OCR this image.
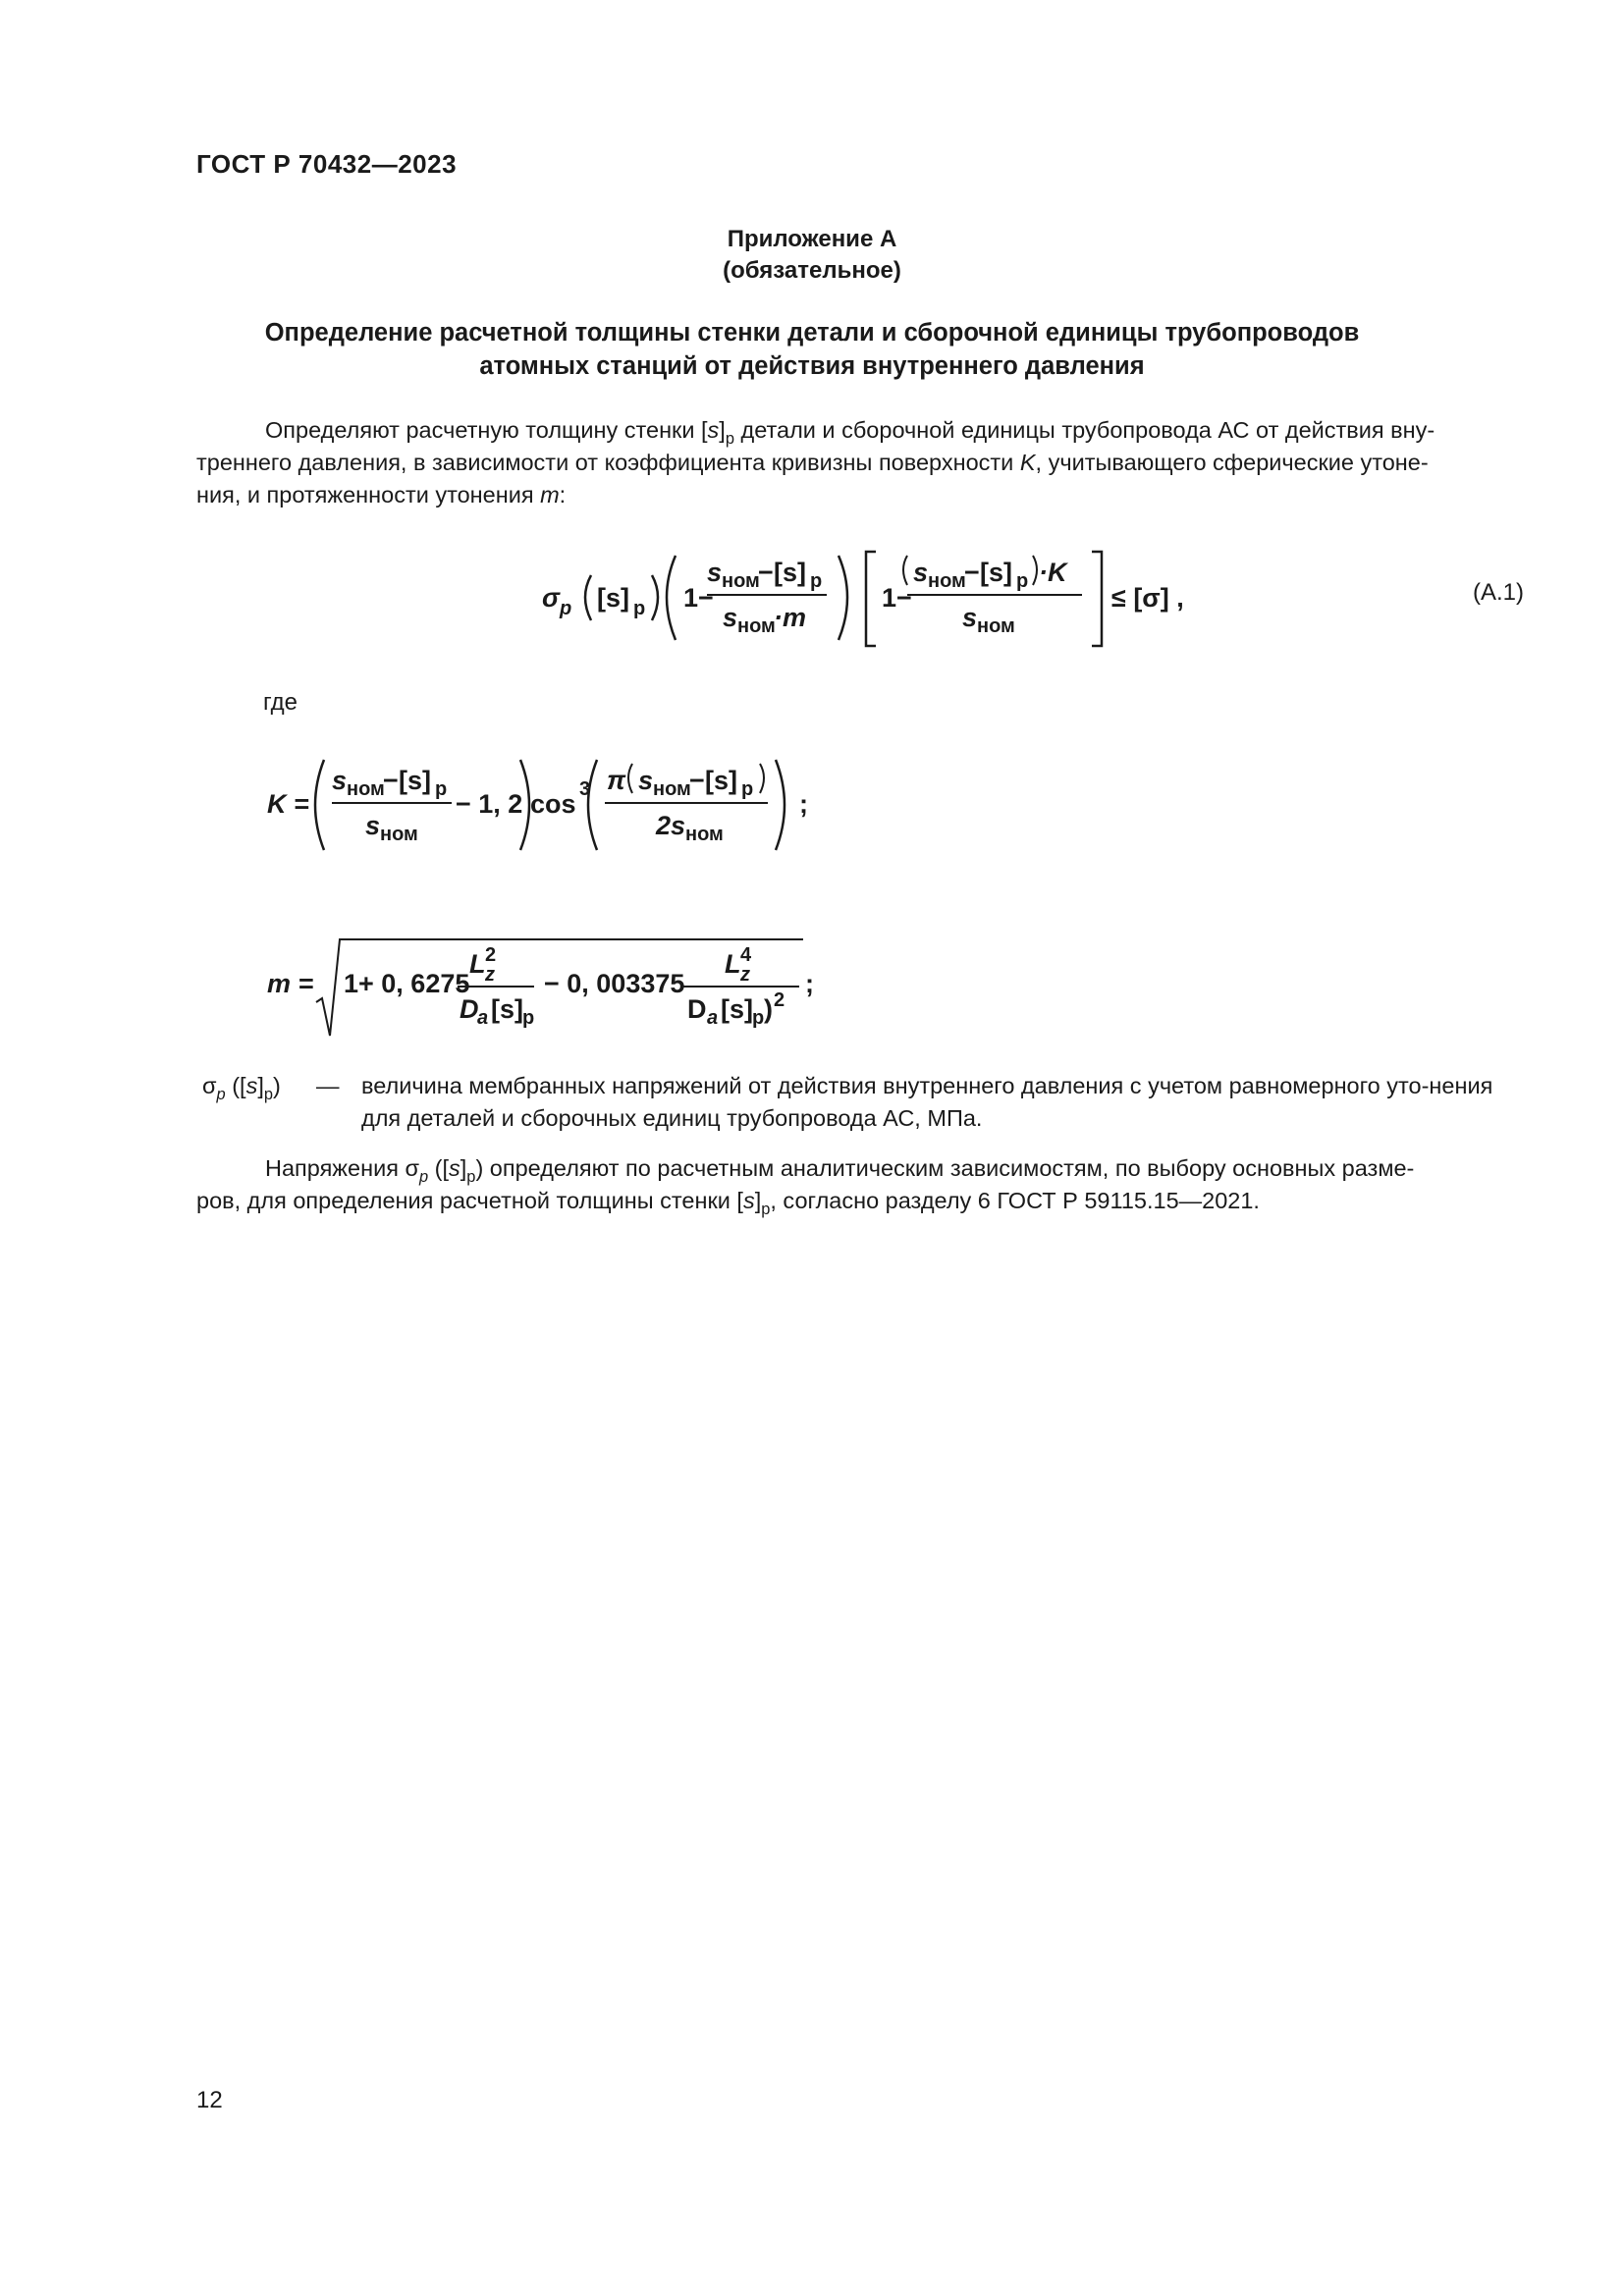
ГОСТ Р 70432—2023
Приложение А
(обязательное)
Определение расчетной толщины стенки детали и сборочной единицы трубопроводов
атомных станций от действия внутреннего давления
Определяют расчетную толщину стенки $[s]_р$ детали и сборочной единицы трубопровода АС от действия вну-
треннего давления, в зависимости от коэффициента кривизны поверхности K, учитывающего сферические утоне-
ния, и протяженности утонения m:
σ p [s] р 1−
s ном
− [s] р
s ном
·m
1−
s ном
− [s] р ·K
s ном
≤ [σ] ,	(А.1)
где
K =
s ном
− [s] р
s ном
− 1, 2 cos 3 π s ном
− [s] р
2s ном
;
m = 1+ 0, 6275
L 2
z
D
a [s] р
− 0, 003375
L 4
z
D a [s] р ) 2
;
$\sigma_p$ $([s]_р)$ — величина мембранных напряжений от действия внутреннего давления с учетом равномерного уто-нения для деталей и сборочных единиц трубопровода АС, МПа.
Напряжения $\sigma_p$ $([s]_р)$ определяют по расчетным аналитическим зависимостям, по выбору основных разме-
ров, для определения расчетной толщины стенки $[s]_р$, согласно разделу 6 ГОСТ Р 59115.15—2021.
12
